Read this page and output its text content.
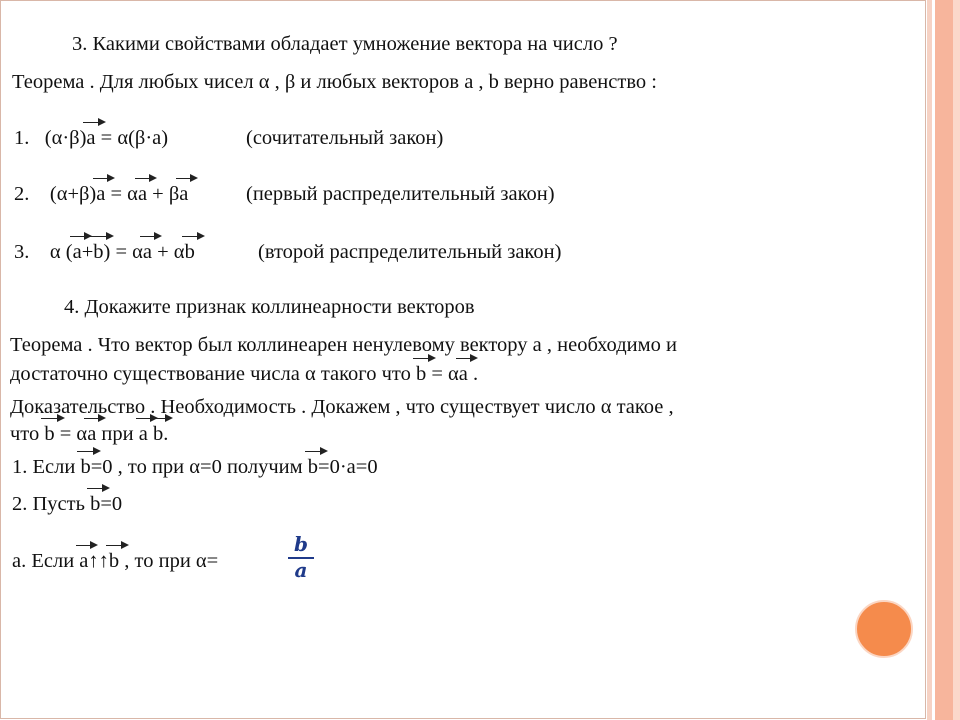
3. Какими свойствами обладает умножение вектора на число ?
Теорема . Для любых чисел α , β и любых векторов a , b верно равенство :
1. (α·β)a = α(β·a)	(сочитательный закон)
2. (α+β)a = αa + βa	(первый распределительный закон)
3. α (a+b) = αa + αb	(второй распределительный закон)
4. Докажите признак коллинеарности векторов
Теорема . Что вектор был коллинеарен ненулевому вектору a , необходимо и
достаточно существование числа α такого что b = αa .
Доказательство . Необходимость . Докажем , что существует число α такое ,
что b = αa при a b.
1. Если b=0 , то при α=0 получим b=0·a=0
2. Пусть b=0
a. Если a↑↑b , то при α=
b
a
